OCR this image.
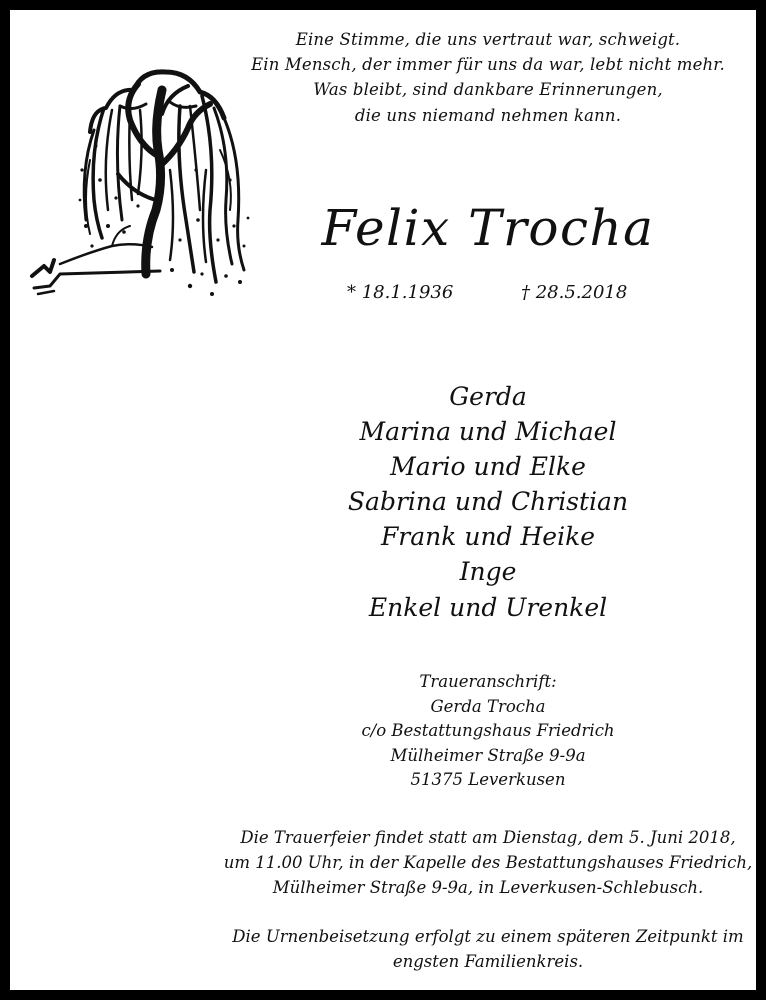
Eine Stimme, die uns vertraut war, schweigt.
Ein Mensch, der immer für uns da war, lebt nicht mehr.
Was bleibt, sind dankbare Erinnerungen,
die uns niemand nehmen kann.
Felix Trocha
* 18.1.1936	† 28.5.2018
Gerda
Marina und Michael
Mario und Elke
Sabrina und Christian
Frank und Heike
Inge
Enkel und Urenkel
Traueranschrift:
Gerda Trocha
c/o Bestattungshaus Friedrich
Mülheimer Straße 9-9a
51375 Leverkusen
Die Trauerfeier findet statt am Dienstag, dem 5. Juni 2018,
um 11.00 Uhr, in der Kapelle des Bestattungshauses Friedrich,
Mülheimer Straße 9-9a, in Leverkusen-Schlebusch.
Die Urnenbeisetzung erfolgt zu einem späteren Zeitpunkt im
engsten Familienkreis.
